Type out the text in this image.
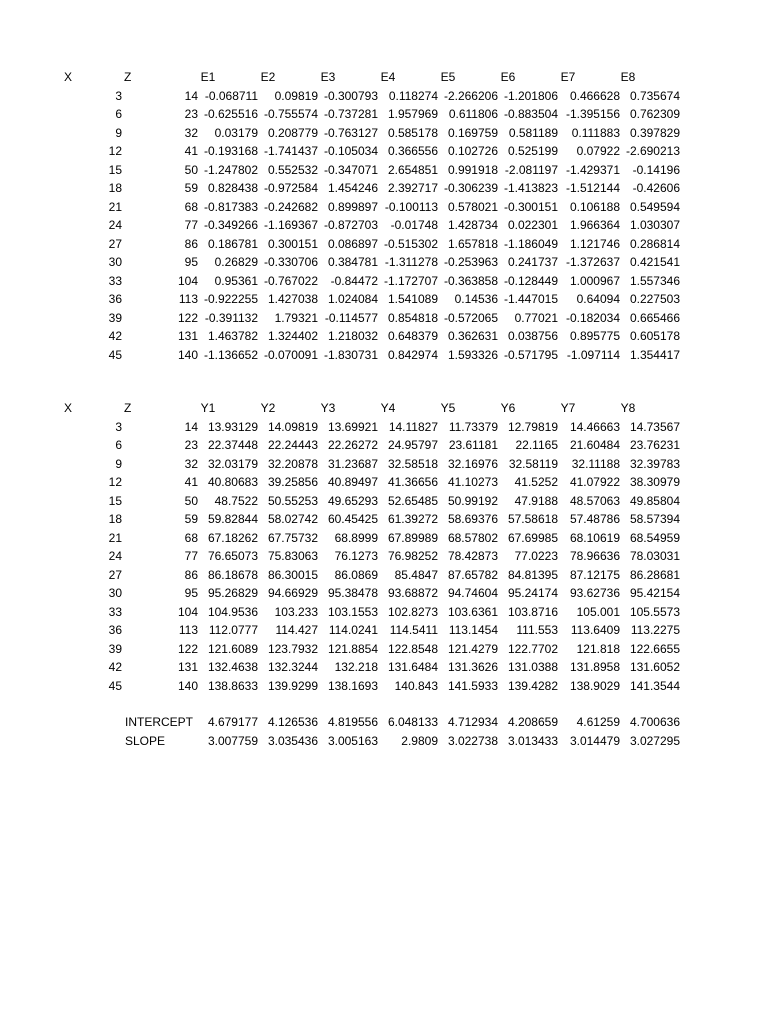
X	Z	E1	E2	E3	E4	E5	E6	E7	E8
3	14 -0.068711 0.09819 -0.300793 0.118274 -2.266206 -1.201806 0.466628 0.735674
6	23 -0.625516 -0.755574 -0.737281 1.957969 0.611806 -0.883504 -1.395156 0.762309
9	32 0.03179 0.208779 -0.763127 0.585178 0.169759 0.581189 0.111883 0.397829
12	41 -0.193168 -1.741437 -0.105034 0.366556 0.102726 0.525199 0.07922 -2.690213
15	50 -1.247802 0.552532 -0.347071 2.654851 0.991918 -2.081197 -1.429371 -0.14196
18	59 0.828438 -0.972584 1.454246 2.392717 -0.306239 -1.413823 -1.512144 -0.42606
21	68 -0.817383 -0.242682 0.899897 -0.100113 0.578021 -0.300151 0.106188 0.549594
24	77 -0.349266 -1.169367 -0.872703 -0.01748 1.428734 0.022301 1.966364 1.030307
27	86 0.186781 0.300151 0.086897 -0.515302 1.657818 -1.186049 1.121746 0.286814
30	95 0.26829 -0.330706 0.384781 -1.311278 -0.253963 0.241737 -1.372637 0.421541
33	104 0.95361 -0.767022 -0.84472 -1.172707 -0.363858 -0.128449 1.000967 1.557346
36	113 -0.922255 1.427038 1.024084 1.541089 0.14536 -1.447015 0.64094 0.227503
39	122 -0.391132 1.79321 -0.114577 0.854818 -0.572065 0.77021 -0.182034 0.665466
42	131 1.463782 1.324402 1.218032 0.648379 0.362631 0.038756 0.895775 0.605178
45	140 -1.136652 -0.070091 -1.830731 0.842974 1.593326 -0.571795 -1.097114 1.354417
X	Z	Y1	Y2	Y3	Y4	Y5	Y6	Y7	Y8
3	14 13.93129 14.09819 13.69921 14.11827 11.73379 12.79819 14.46663 14.73567
6	23 22.37448 22.24443 22.26272 24.95797 23.61181 22.1165 21.60484 23.76231
9	32 32.03179 32.20878 31.23687 32.58518 32.16976 32.58119 32.11188 32.39783
12	41 40.80683 39.25856 40.89497 41.36656 41.10273 41.5252 41.07922 38.30979
15	50 48.7522 50.55253 49.65293 52.65485 50.99192 47.9188 48.57063 49.85804
18	59 59.82844 58.02742 60.45425 61.39272 58.69376 57.58618 57.48786 58.57394
21	68 67.18262 67.75732 68.8999 67.89989 68.57802 67.69985 68.10619 68.54959
24	77 76.65073 75.83063 76.1273 76.98252 78.42873 77.0223 78.96636 78.03031
27	86 86.18678 86.30015 86.0869 85.4847 87.65782 84.81395 87.12175 86.28681
30	95 95.26829 94.66929 95.38478 93.68872 94.74604 95.24174 93.62736 95.42154
33	104 104.9536 103.233 103.1553 102.8273 103.6361 103.8716 105.001 105.5573
36	113 112.0777 114.427 114.0241 114.5411 113.1454 111.553 113.6409 113.2275
39	122 121.6089 123.7932 121.8854 122.8548 121.4279 122.7702 121.818 122.6655
42	131 132.4638 132.3244 132.218 131.6484 131.3626 131.0388 131.8958 131.6052
45	140 138.8633 139.9299 138.1693 140.843 141.5933 139.4282 138.9029 141.3544
INTERCEPT 4.679177 4.126536 4.819556 6.048133 4.712934 4.208659 4.61259 4.700636
SLOPE	3.007759 3.035436 3.005163 2.9809 3.022738 3.013433 3.014479 3.027295
